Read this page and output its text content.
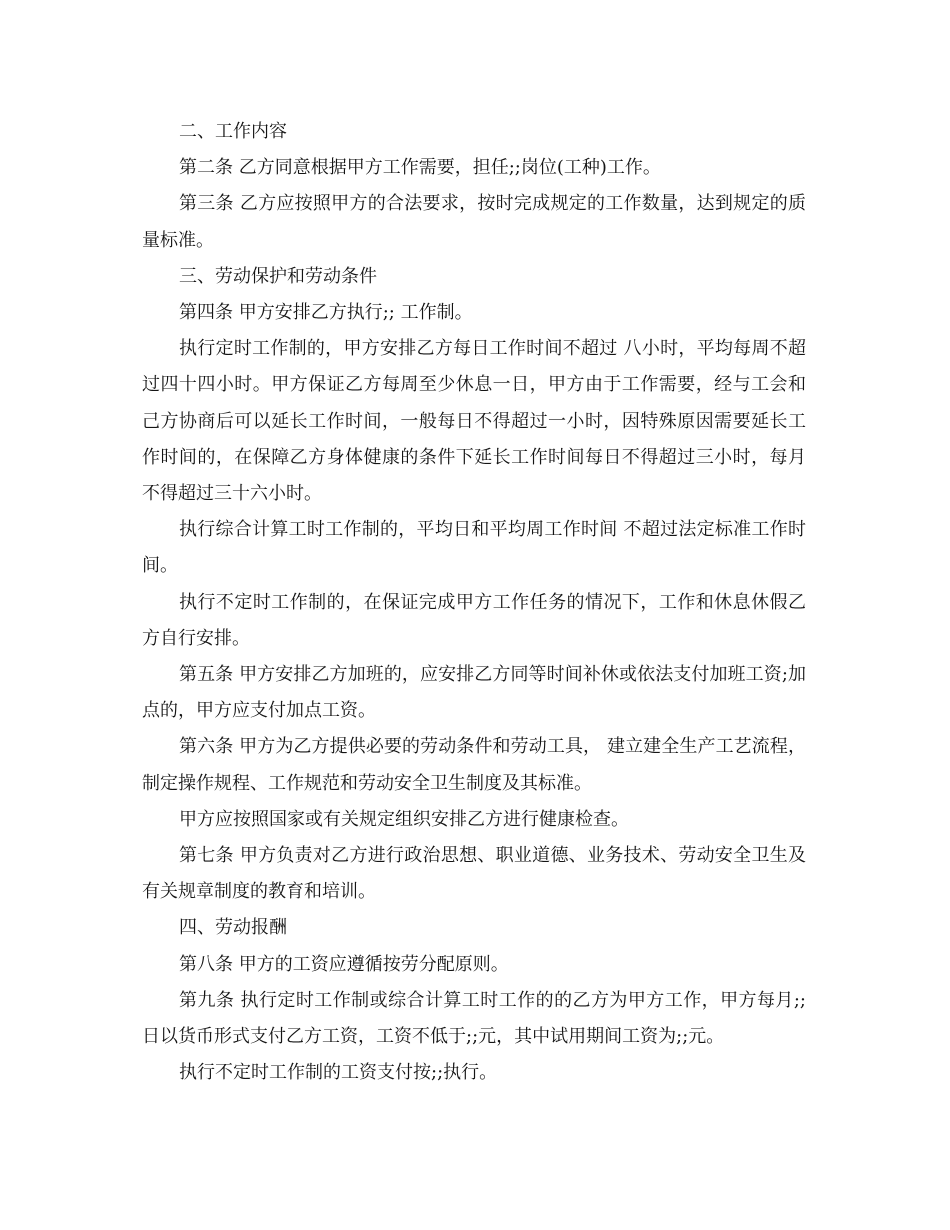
二、工作内容

第二条 乙方同意根据甲方工作需要，担任;;岗位(工种)工作。

第三条 乙方应按照甲方的合法要求，按时完成规定的工作数量，达到规定的质量标准。

三、劳动保护和劳动条件

第四条 甲方安排乙方执行;; 工作制。

执行定时工作制的，甲方安排乙方每日工作时间不超过 八小时，平均每周不超过四十四小时。甲方保证乙方每周至少休息一日，甲方由于工作需要，经与工会和己方协商后可以延长工作时间，一般每日不得超过一小时，因特殊原因需要延长工作时间的，在保障乙方身体健康的条件下延长工作时间每日不得超过三小时，每月不得超过三十六小时。

执行综合计算工时工作制的，平均日和平均周工作时间 不超过法定标准工作时间。

执行不定时工作制的，在保证完成甲方工作任务的情况下，工作和休息休假乙方自行安排。

第五条 甲方安排乙方加班的，应安排乙方同等时间补休或依法支付加班工资;加点的，甲方应支付加点工资。

第六条 甲方为乙方提供必要的劳动条件和劳动工具， 建立建全生产工艺流程， 制定操作规程、工作规范和劳动安全卫生制度及其标准。

甲方应按照国家或有关规定组织安排乙方进行健康检查。

第七条 甲方负责对乙方进行政治思想、职业道德、业务技术、劳动安全卫生及有关规章制度的教育和培训。

四、劳动报酬

第八条 甲方的工资应遵循按劳分配原则。

第九条 执行定时工作制或综合计算工时工作的的乙方为甲方工作，甲方每月;;日以货币形式支付乙方工资，工资不低于;;元，其中试用期间工资为;;元。

执行不定时工作制的工资支付按;;执行。
